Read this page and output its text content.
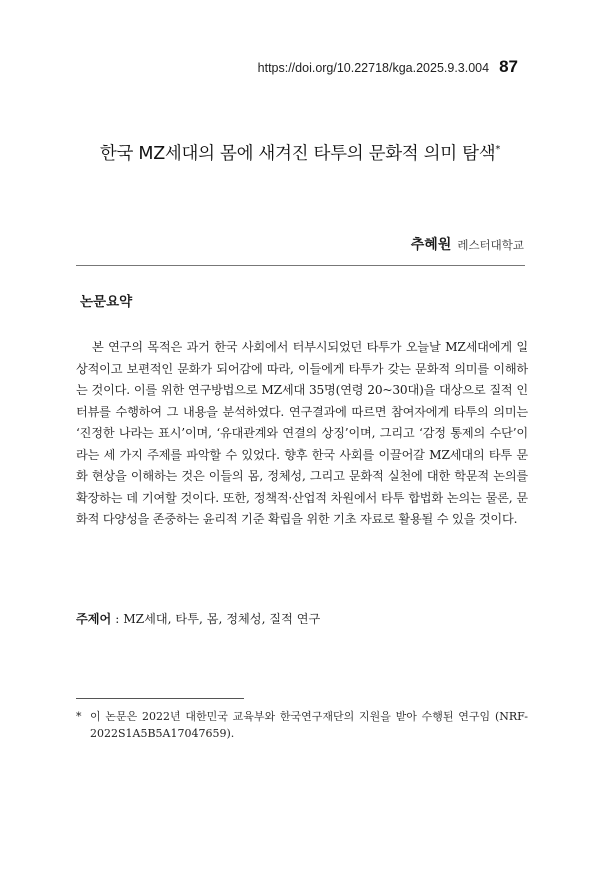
https://doi.org/10.22718/kga.2025.9.3.004 87
한국 MZ세대의 몸에 새겨진 타투의 문화적 의미 탐색*
추혜원 레스터대학교
논문요약

본 연구의 목적은 과거 한국 사회에서 터부시되었던 타투가 오늘날 MZ세대에게 일상적이고 보편적인 문화가 되어감에 따라, 이들에게 타투가 갖는 문화적 의미를 이해하는 것이다. 이를 위한 연구방법으로 MZ세대 35명(연령 20~30대)을 대상으로 질적 인터뷰를 수행하여 그 내용을 분석하였다. 연구결과에 따르면 참여자에게 타투의 의미는 ‘진정한 나라는 표시’이며, ‘유대관계와 연결의 상징’이며, 그리고 ‘감정 통제의 수단’이라는 세 가지 주제를 파악할 수 있었다. 향후 한국 사회를 이끌어갈 MZ세대의 타투 문화 현상을 이해하는 것은 이들의 몸, 정체성, 그리고 문화적 실천에 대한 학문적 논의를 확장하는 데 기여할 것이다. 또한, 정책적·산업적 차원에서 타투 합법화 논의는 물론, 문화적 다양성을 존중하는 윤리적 기준 확립을 위한 기초 자료로 활용될 수 있을 것이다.

주제어 : MZ세대, 타투, 몸, 정체성, 질적 연구
* 이 논문은 2022년 대한민국 교육부와 한국연구재단의 지원을 받아 수행된 연구임 (NRF-2022S1A5B5A17047659).
